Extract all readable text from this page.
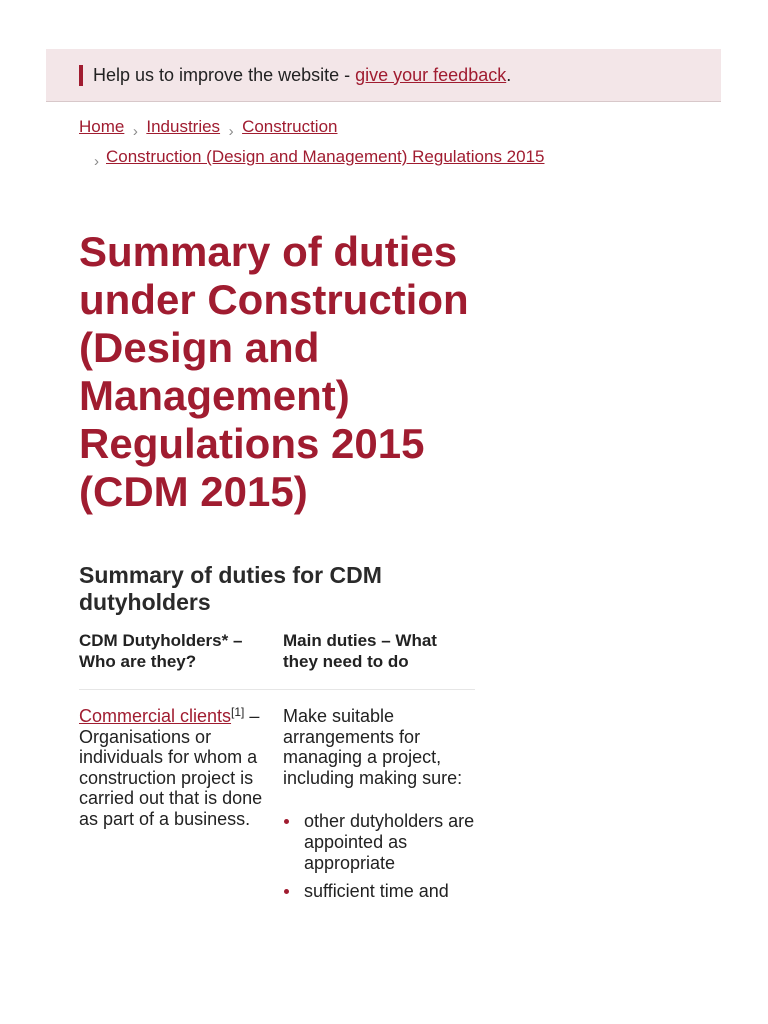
Help us to improve the website - give your feedback.
Home › Industries › Construction
› Construction (Design and Management) Regulations 2015
Summary of duties under Construction (Design and Management) Regulations 2015 (CDM 2015)
Summary of duties for CDM dutyholders
CDM Dutyholders* – Who are they?
Main duties – What they need to do
Commercial clients[1] – Organisations or individuals for whom a construction project is carried out that is done as part of a business.
Make suitable arrangements for managing a project, including making sure:
other dutyholders are appointed as appropriate
sufficient time and
